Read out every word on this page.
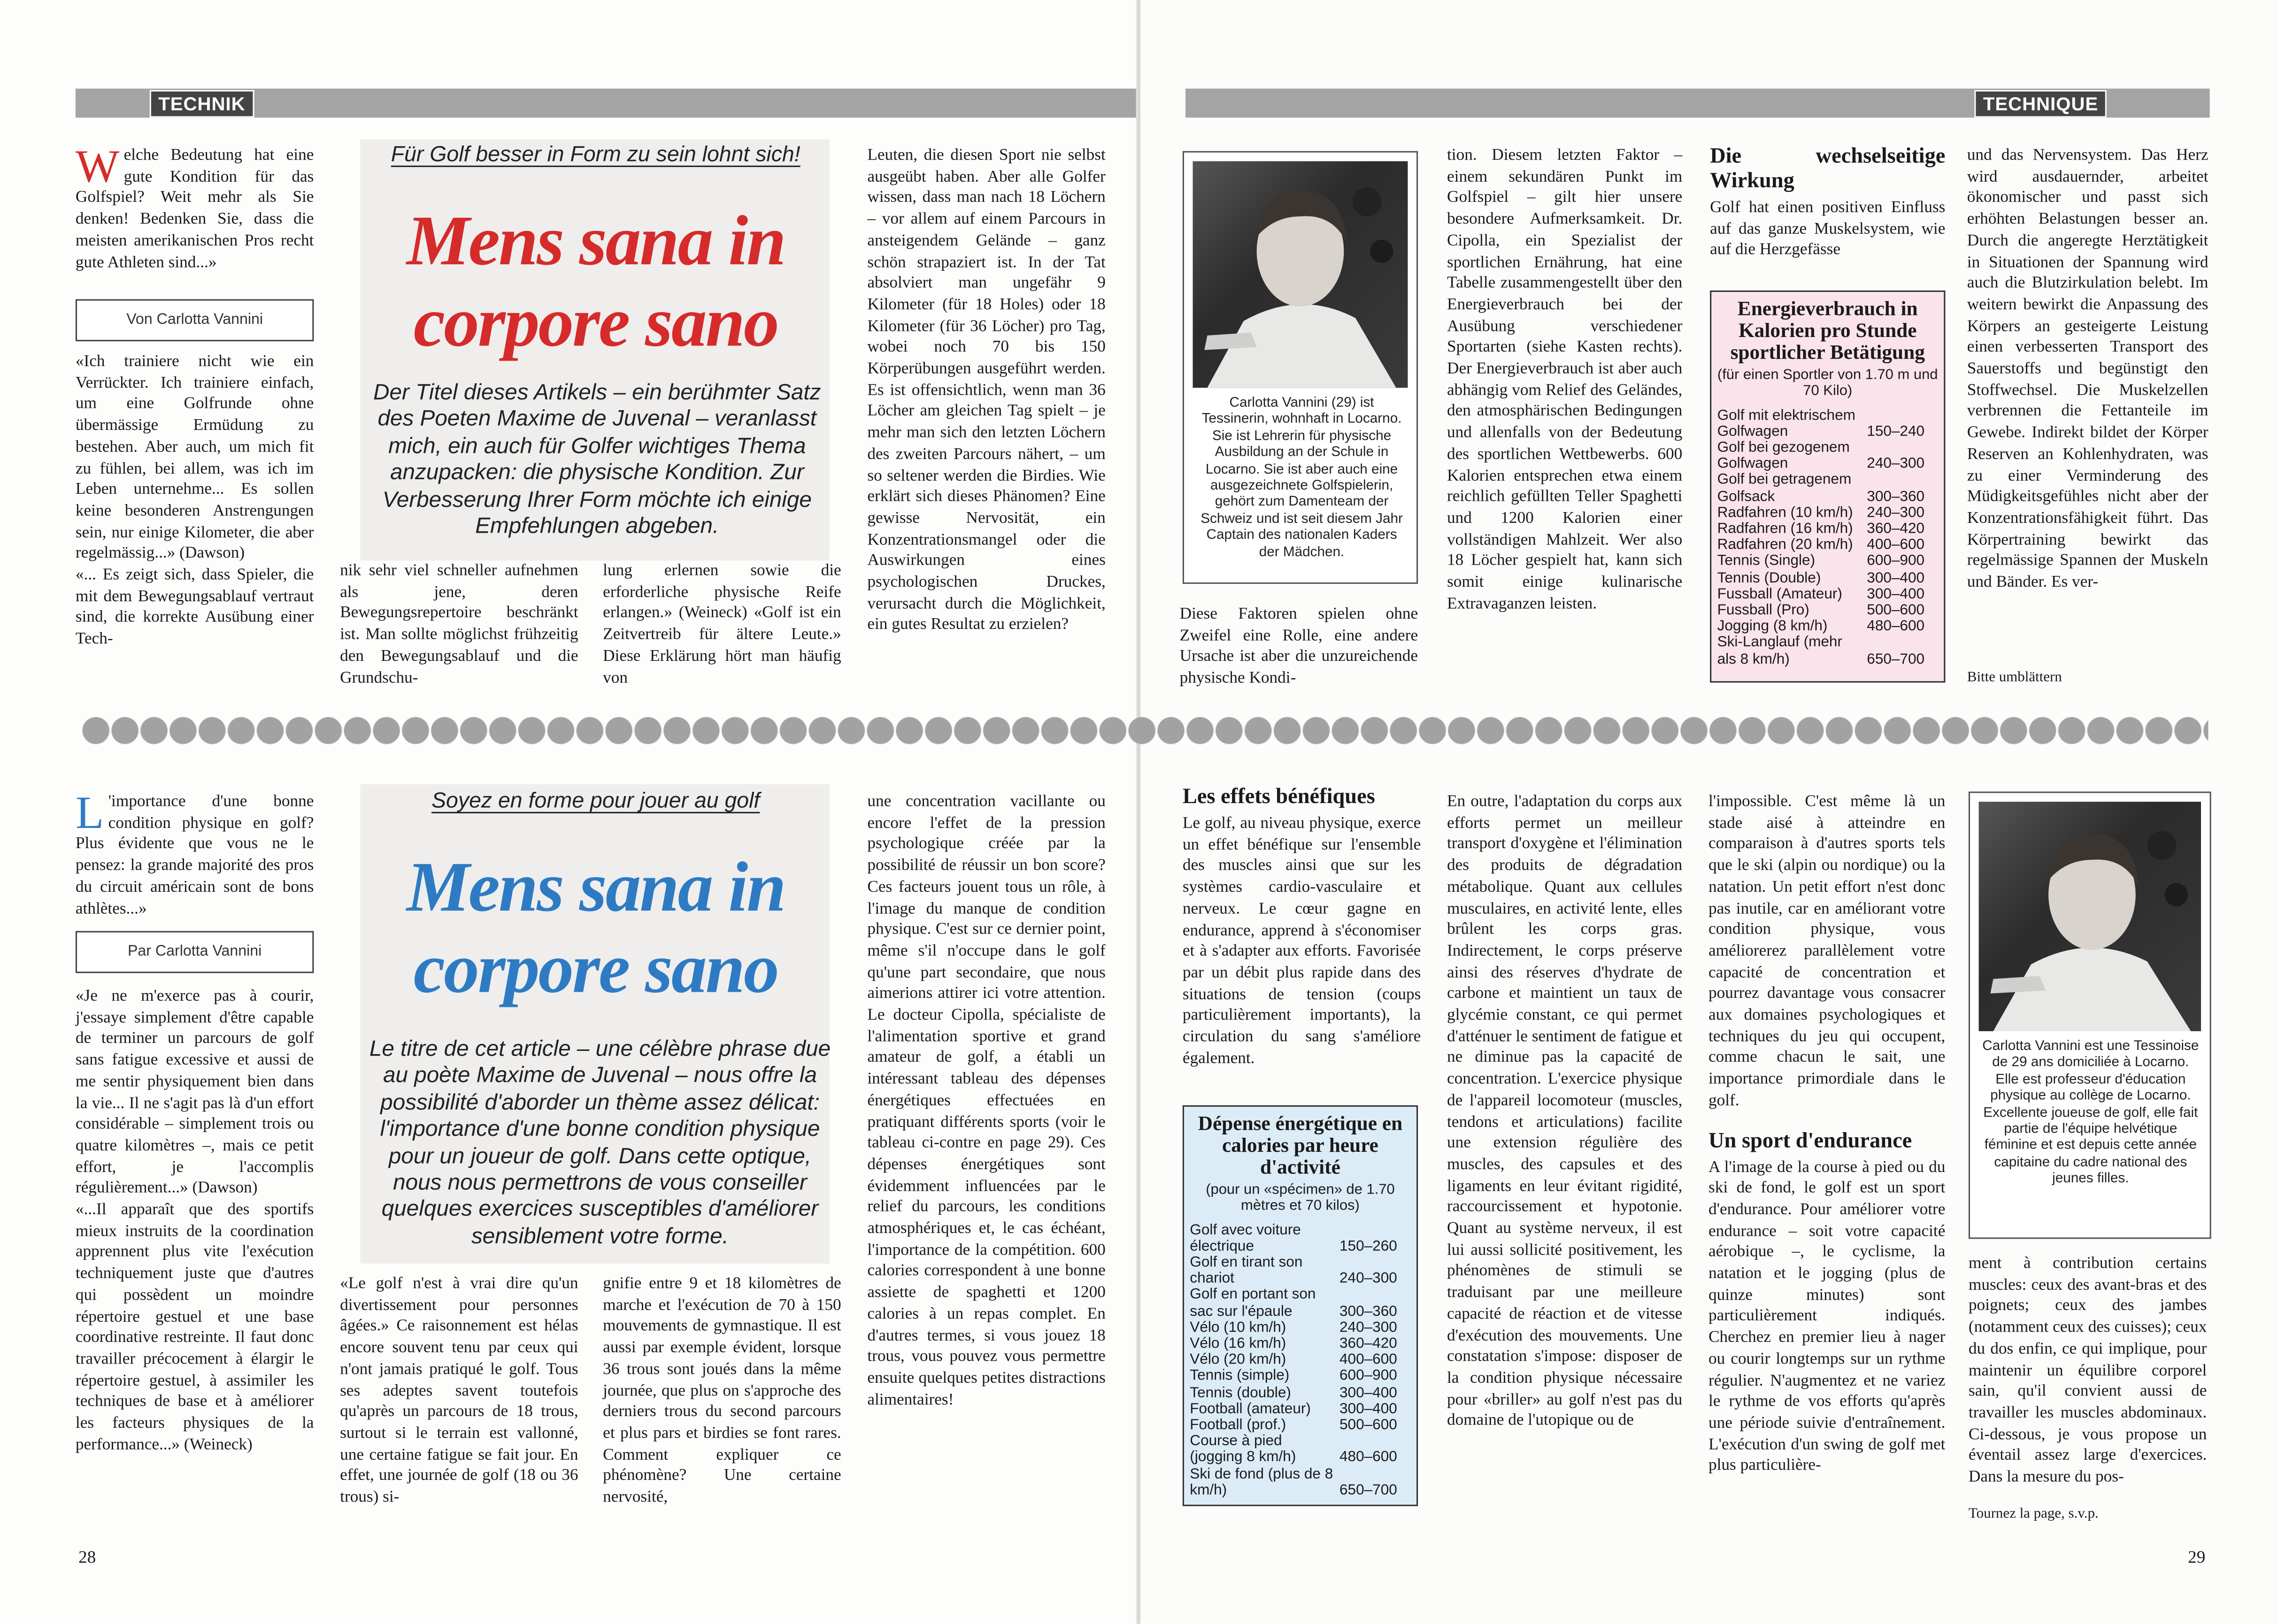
TECHNIK
Welche Bedeutung hat eine gute Kondition für das Golfspiel? Weit mehr als Sie denken! Bedenken Sie, dass die meisten amerikanischen Pros recht gute Athleten sind...»
Von Carlotta Vannini

«Ich trainiere nicht wie ein Verrückter. Ich trainiere einfach, um eine Golfrunde ohne übermässige Ermüdung zu bestehen. Aber auch, um mich fit zu fühlen, bei allem, was ich im Leben unternehme... Es sollen keine besonderen Anstrengungen sein, nur einige Kilometer, die aber regelmässig...» (Dawson)

«... Es zeigt sich, dass Spieler, die mit dem Bewegungsablauf vertraut sind, die korrekte Ausübung einer Tech-

Für Golf besser in Form zu sein lohnt sich!
Mens sana in
corpore sano
Der Titel dieses Artikels – ein berühmter Satz des Poeten Maxime de Juvenal – veranlasst mich, ein auch für Golfer wichtiges Thema anzupacken: die physische Kondition. Zur Verbesserung Ihrer Form möchte ich einige Empfehlungen abgeben.
nik sehr viel schneller aufnehmen als jene, deren Bewegungsrepertoire beschränkt ist. Man sollte möglichst frühzeitig den Bewegungsablauf und die Grundschu-
lung erlernen sowie die erforderliche physische Reife erlangen.» (Weineck) «Golf ist ein Zeitvertreib für ältere Leute.» Diese Erklärung hört man häufig von
Leuten, die diesen Sport nie selbst ausgeübt haben. Aber alle Golfer wissen, dass man nach 18 Löchern – vor allem auf einem Parcours in ansteigendem Gelände – ganz schön strapaziert ist. In der Tat absolviert man ungefähr 9 Kilometer (für 18 Holes) oder 18 Kilometer (für 36 Löcher) pro Tag, wobei noch 70 bis 150 Körperübungen ausgeführt werden. Es ist offensichtlich, wenn man 36 Löcher am gleichen Tag spielt – je mehr man sich den letzten Löchern des zweiten Parcours nähert, – um so seltener werden die Birdies. Wie erklärt sich dieses Phänomen? Eine gewisse Nervosität, ein Konzentrationsmangel oder die Auswirkungen eines psychologischen Druckes, verursacht durch die Möglichkeit, ein gutes Resultat zu erzielen?
L 'importance d'une bonne condition physique en golf? Plus évidente que vous ne le pensez: la grande majorité des pros du circuit américain sont de bons athlètes...»
Par Carlotta Vannini

«Je ne m'exerce pas à courir, j'essaye simplement d'être capable de terminer un parcours de golf sans fatigue excessive et aussi de me sentir physiquement bien dans la vie... Il ne s'agit pas là d'un effort considérable – simplement trois ou quatre kilomètres –, mais ce petit effort, je l'accomplis régulièrement...» (Dawson)

«...Il apparaît que des sportifs mieux instruits de la coordination apprennent plus vite l'exécution techniquement juste que d'autres qui possèdent un moindre répertoire gestuel et une base coordinative restreinte. Il faut donc travailler précocement à élargir le répertoire gestuel, à assimiler les techniques de base et à améliorer les facteurs physiques de la performance...» (Weineck)

Soyez en forme pour jouer au golf
Mens sana in
corpore sano
Le titre de cet article – une célèbre phrase due au poète Maxime de Juvenal – nous offre la possibilité d'aborder un thème assez délicat: l'importance d'une bonne condition physique pour un joueur de golf. Dans cette optique, nous nous permettrons de vous conseiller quelques exercices susceptibles d'améliorer sensiblement votre forme.
«Le golf n'est à vrai dire qu'un divertissement pour personnes âgées.» Ce raisonnement est hélas encore souvent tenu par ceux qui n'ont jamais pratiqué le golf. Tous ses adeptes savent toutefois qu'après un parcours de 18 trous, surtout si le terrain est vallonné, une certaine fatigue se fait jour. En effet, une journée de golf (18 ou 36 trous) si-
gnifie entre 9 et 18 kilomètres de marche et l'exécution de 70 à 150 mouvements de gymnastique. Il est aussi par exemple évident, lorsque 36 trous sont joués dans la même journée, que plus on s'approche des derniers trous du second parcours et plus pars et birdies se font rares. Comment expliquer ce phénomène? Une certaine nervosité,
une concentration vacillante ou encore l'effet de la pression psychologique créée par la possibilité de réussir un bon score? Ces facteurs jouent tous un rôle, à l'image du manque de condition physique. C'est sur ce dernier point, même s'il n'occupe dans le golf qu'une part secondaire, que nous aimerions attirer ici votre attention. Le docteur Cipolla, spécialiste de l'alimentation sportive et grand amateur de golf, a établi un intéressant tableau des dépenses énergétiques effectuées en pratiquant différents sports (voir le tableau ci-contre en page 29). Ces dépenses énergétiques sont évidemment influencées par le relief du parcours, les conditions atmosphériques et, le cas échéant, l'importance de la compétition. 600 calories correspondent à une bonne assiette de spaghetti et 1200 calories à un repas complet. En d'autres termes, si vous jouez 18 trous, vous pouvez vous permettre ensuite quelques petites distractions alimentaires!
28
TECHNIQUE
Carlotta Vannini (29) ist Tessinerin, wohnhaft in Locarno. Sie ist Lehrerin für physische Ausbildung an der Schule in Locarno. Sie ist aber auch eine ausgezeichnete Golfspielerin, gehört zum Damenteam der Schweiz und ist seit diesem Jahr Captain des nationalen Kaders der Mädchen.
Diese Faktoren spielen ohne Zweifel eine Rolle, eine andere Ursache ist aber die unzureichende physische Kondi-
tion. Diesem letzten Faktor – einem sekundären Punkt im Golfspiel – gilt hier unsere besondere Aufmerksamkeit. Dr. Cipolla, ein Spezialist der sportlichen Ernährung, hat eine Tabelle zusammengestellt über den Energieverbrauch bei der Ausübung verschiedener Sportarten (siehe Kasten rechts). Der Energieverbrauch ist aber auch abhängig vom Relief des Geländes, den atmosphärischen Bedingungen und allenfalls von der Bedeutung des sportlichen Wettbewerbs. 600 Kalorien entsprechen etwa einem reichlich gefüllten Teller Spaghetti und 1200 Kalorien einer vollständigen Mahlzeit. Wer also 18 Löcher gespielt hat, kann sich somit einige kulinarische Extravaganzen leisten.
Die wechselseitige Wirkung

Golf hat einen positiven Einfluss auf das ganze Muskelsystem, wie auf die Herzgefässe

Energieverbrauch in Kalorien pro Stunde sportlicher Betätigung
(für einen Sportler von 1.70 m und 70 Kilo)
Golf mit elektrischem Golfwagen	150–240
Golf bei gezogenem Golfwagen	240–300
Golf bei getragenem Golfsack	300–360
Radfahren (10 km/h)	240–300
Radfahren (16 km/h)	360–420
Radfahren (20 km/h)	400–600
Tennis (Single)	600–900
Tennis (Double)	300–400
Fussball (Amateur)	300–400
Fussball (Pro)	500–600
Jogging (8 km/h)	480–600
Ski-Langlauf (mehr als 8 km/h)	650–700
und das Nervensystem. Das Herz wird ausdauernder, arbeitet ökonomischer und passt sich erhöhten Belastungen besser an. Durch die angeregte Herztätigkeit in Situationen der Spannung wird auch die Blutzirkulation belebt. Im weitern bewirkt die Anpassung des Körpers an gesteigerte Leistung einen verbesserten Transport des Sauerstoffs und begünstigt den Stoffwechsel. Die Muskelzellen verbrennen die Fettanteile im Gewebe. Indirekt bildet der Körper Reserven an Kohlenhydraten, was zu einer Verminderung des Müdigkeitsgefühles nicht aber der Konzentrationsfähigkeit führt. Das Körpertraining bewirkt das regelmässige Spannen der Muskeln und Bänder. Es ver-
Bitte umblättern
Les effets bénéfiques

Le golf, au niveau physique, exerce un effet bénéfique sur l'ensemble des muscles ainsi que sur les systèmes cardio-vasculaire et nerveux. Le cœur gagne en endurance, apprend à s'économiser et à s'adapter aux efforts. Favorisée par un débit plus rapide dans des situations de tension (coups particulièrement importants), la circulation du sang s'améliore également.

Dépense énergétique en calories par heure d'activité
(pour un «spécimen» de 1.70 mètres et 70 kilos)
Golf avec voiture électrique	150–260
Golf en tirant son chariot	240–300
Golf en portant son sac sur l'épaule	300–360
Vélo (10 km/h)	240–300
Vélo (16 km/h)	360–420
Vélo (20 km/h)	400–600
Tennis (simple)	600–900
Tennis (double)	300–400
Football (amateur)	300–400
Football (prof.)	500–600
Course à pied (jogging 8 km/h)	480–600
Ski de fond (plus de 8 km/h)	650–700
En outre, l'adaptation du corps aux efforts permet un meilleur transport d'oxygène et l'élimination des produits de dégradation métabolique. Quant aux cellules musculaires, en activité lente, elles brûlent les corps gras. Indirectement, le corps préserve ainsi des réserves d'hydrate de carbone et maintient un taux de glycémie constant, ce qui permet d'atténuer le sentiment de fatigue et ne diminue pas la capacité de concentration. L'exercice physique de l'appareil locomoteur (muscles, tendons et articulations) facilite une extension régulière des muscles, des capsules et des ligaments en leur évitant rigidité, raccourcissement et hypotonie. Quant au système nerveux, il est lui aussi sollicité positivement, les phénomènes de stimuli se traduisant par une meilleure capacité de réaction et de vitesse d'exécution des mouvements. Une constatation s'impose: disposer de la condition physique nécessaire pour «briller» au golf n'est pas du domaine de l'utopique ou de

l'impossible. C'est même là un stade aisé à atteindre en comparaison à d'autres sports tels que le ski (alpin ou nordique) ou la natation. Un petit effort n'est donc pas inutile, car en améliorant votre condition physique, vous améliorerez parallèlement votre capacité de concentration et pourrez davantage vous consacrer aux domaines psychologiques et techniques du jeu qui occupent, comme chacun le sait, une importance primordiale dans le golf.

Un sport d'endurance

A l'image de la course à pied ou du ski de fond, le golf est un sport d'endurance. Pour améliorer votre endurance – soit votre capacité aérobique –, le cyclisme, la natation et le jogging (plus de quinze minutes) sont particulièrement indiqués. Cherchez en premier lieu à nager ou courir longtemps sur un rythme régulier. N'augmentez et ne variez le rythme de vos efforts qu'après une période suivie d'entraînement. L'exécution d'un swing de golf met plus particulière-

Carlotta Vannini est une Tessinoise de 29 ans domiciliée à Locarno. Elle est professeur d'éducation physique au collège de Locarno. Excellente joueuse de golf, elle fait partie de l'équipe helvétique féminine et est depuis cette année capitaine du cadre national des jeunes filles.
ment à contribution certains muscles: ceux des avant-bras et des poignets; ceux des jambes (notamment ceux des cuisses); ceux du dos enfin, ce qui implique, pour maintenir un équilibre corporel sain, qu'il convient aussi de travailler les muscles abdominaux. Ci-dessous, je vous propose un éventail assez large d'exercices. Dans la mesure du pos-
Tournez la page, s.v.p.
29
